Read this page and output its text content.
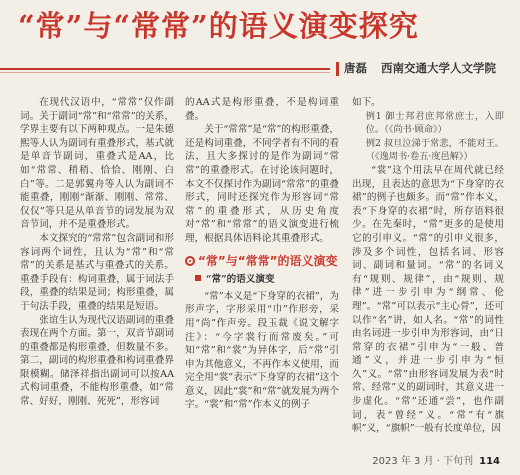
“常”与“常常”的语义演变探究
唐磊 西南交通大学人文学院

在现代汉语中，“常常”仅作副词。关于副词“常”和“常常”的关系，学界主要有以下两种观点。一是朱德熙等人认为副词有重叠形式，基式就是单音节副词，重叠式是AA，比如“常常、稍稍、恰恰、刚刚、白白”等。二是郭翼舟等人认为副词不能重叠，刚刚“渐渐、刚刚、常常、仅仅”等只是从单音节的词发展为双音节词，并不是重叠形式。

本文探究的“常常”包含副词和形容词两个词性，且认为“常”和“常常”的关系是基式与重叠式的关系。重叠手段有：构词重叠，属于词法手段，重叠的结果是词；构形重叠，属于句法手段，重叠的结果是短语。

张谊生认为现代汉语副词的重叠表现在两个方面。第一，双音节副词的重叠都是构形重叠，但数量不多。第二，副词的构形重叠和构词重叠界限模糊。储泽祥指出副词可以按AA式构词重叠，不能构形重叠，如“常常、好好，刚刚、死死”，形容词

的AA式是构形重叠，不是构词重叠。

关于“常常”是“常”的构形重叠，还是构词重叠，不同学者有不同的看法，且大多探讨的是作为副词“常常”的重叠形式。在讨论该问题时，本文不仅探讨作为副词“常常”的重叠形式，同时还探究作为形容词“常常”的重叠形式，从历史角度对“常”和“常常”的语义演变进行梳理，根据具体语料论其重叠形式。

“常”与“常常”的语义演变
“常”的语义演变

“常”本义是“下身穿的衣裙”，为形声字，字形采用“巾”作形旁，采用“尚”作声旁。段玉裁《说文解字注》：“今字裳行而常废矣。”可知“常”和“裳”为异体字，后“常”引申为其他意义，不再作本义使用，而完全用“裳”表示“下身穿的衣裙”这个意义，因此“裳”和“常”就发展为两个字。“裳”和“常”作本义的例子

如下。

例1 御士邦君庶邦常庶士，入即位。（《尚书·顾命》）

例2 叔旦泣涕于常悲，不能对王。（《逸周书·卷五·度邑解》）

“裳”这个用法早在周代就已经出现，且表达的意思为“下身穿的衣裙”的例子也颇多。而“常”作本义，表“下身穿的衣裙”时，所存语料很少。在先秦时，“常”更多的是使用它的引申义。“常”的引申义很多，涉及多个词性，包括名词、形容词、副词和量词。“常”的名词义有“规则、规律”，由“规则、规律”进一步引申为“纲常、伦理”。“常”可以表示“主心骨”，还可以作“名”讲，如人名。“常”的词性由名词进一步引申为形容词，由“日常穿的衣裙”引申为“一般、普通”义，并进一步引申为“恒久”义。“常”由形容词发展为表“时常、经常”义的副词时，其意义进一步虚化。“常”还通“尝”，也作副词，表“曾经”义。“常”有“旗帜”义，“旗帜”一般有长度单位，因

2023 年 3 月 · 下旬刊 114
